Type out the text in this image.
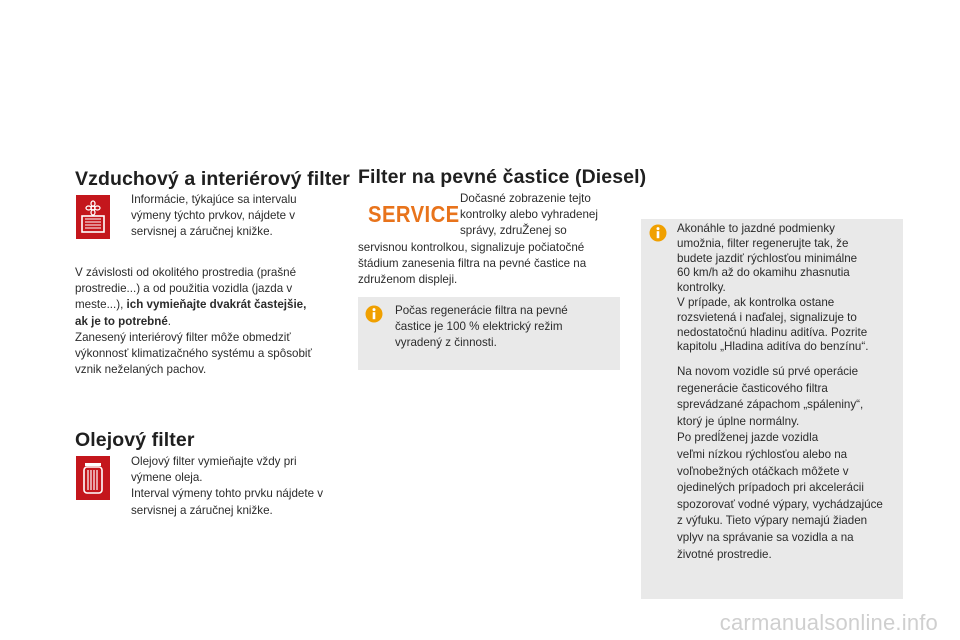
Vzduchový a interiérový filter
Informácie, týkajúce sa intervalu
výmeny týchto prvkov, nájdete v
servisnej a záručnej knižke.
V závislosti od okolitého prostredia (prašné
prostredie...) a od použitia vozidla (jazda v
meste...), ich vymieňajte dvakrát častejšie,
ak je to potrebné.
Zanesený interiérový filter môže obmedziť
výkonnosť klimatizačného systému a spôsobiť
vznik neželaných pachov.
Olejový filter
Olejový filter vymieňajte vždy pri
výmene oleja.
Interval výmeny tohto prvku nájdete v
servisnej a záručnej knižke.
Filter na pevné častice (Diesel)
SERVICE
Dočasné zobrazenie tejto
kontrolky alebo vyhradenej
správy, zdruŽenej so
servisnou kontrolkou, signalizuje počiatočné
štádium zanesenia filtra na pevné častice na
združenom displeji.
Počas regenerácie filtra na pevné
častice je 100 % elektrický režim
vyradený z činnosti.
Akonáhle to jazdné podmienky
umožnia, filter regenerujte tak, že
budete jazdiť rýchlosťou minimálne
60 km/h až do okamihu zhasnutia
kontrolky.
V prípade, ak kontrolka ostane
rozsvietená i naďalej, signalizuje to
nedostatočnú hladinu aditíva. Pozrite
kapitolu „Hladina aditíva do benzínu“.
Na novom vozidle sú prvé operácie
regenerácie časticového filtra
sprevádzané zápachom „spáleniny“,
ktorý je úplne normálny.
Po predĺženej jazde vozidla
veľmi nízkou rýchlosťou alebo na
voľnobežných otáčkach môžete v
ojedinelých prípadoch pri akcelerácii
spozorovať vodné výpary, vychádzajúce
z výfuku. Tieto výpary nemajú žiaden
vplyv na správanie sa vozidla a na
životné prostredie.
carmanualsonline.info
